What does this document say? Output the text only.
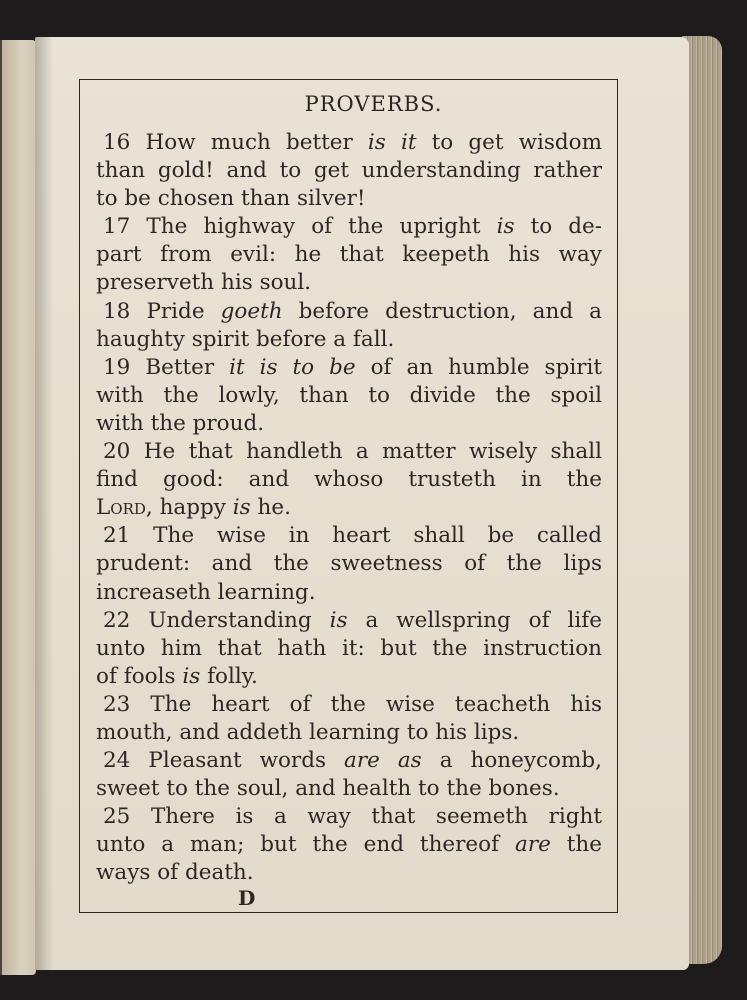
PROVERBS.
16 How much better is it to get wisdom
than gold! and to get understanding rather
to be chosen than silver!
17 The highway of the upright is to de-
part from evil: he that keepeth his way
preserveth his soul.
18 Pride goeth before destruction, and a
haughty spirit before a fall.
19 Better it is to be of an humble spirit
with the lowly, than to divide the spoil
with the proud.
20 He that handleth a matter wisely shall
find good: and whoso trusteth in the
Lord, happy is he.
21 The wise in heart shall be called
prudent: and the sweetness of the lips
increaseth learning.
22 Understanding is a wellspring of life
unto him that hath it: but the instruction
of fools is folly.
23 The heart of the wise teacheth his
mouth, and addeth learning to his lips.
24 Pleasant words are as a honeycomb,
sweet to the soul, and health to the bones.
25 There is a way that seemeth right
unto a man; but the end thereof are the
ways of death.
D
